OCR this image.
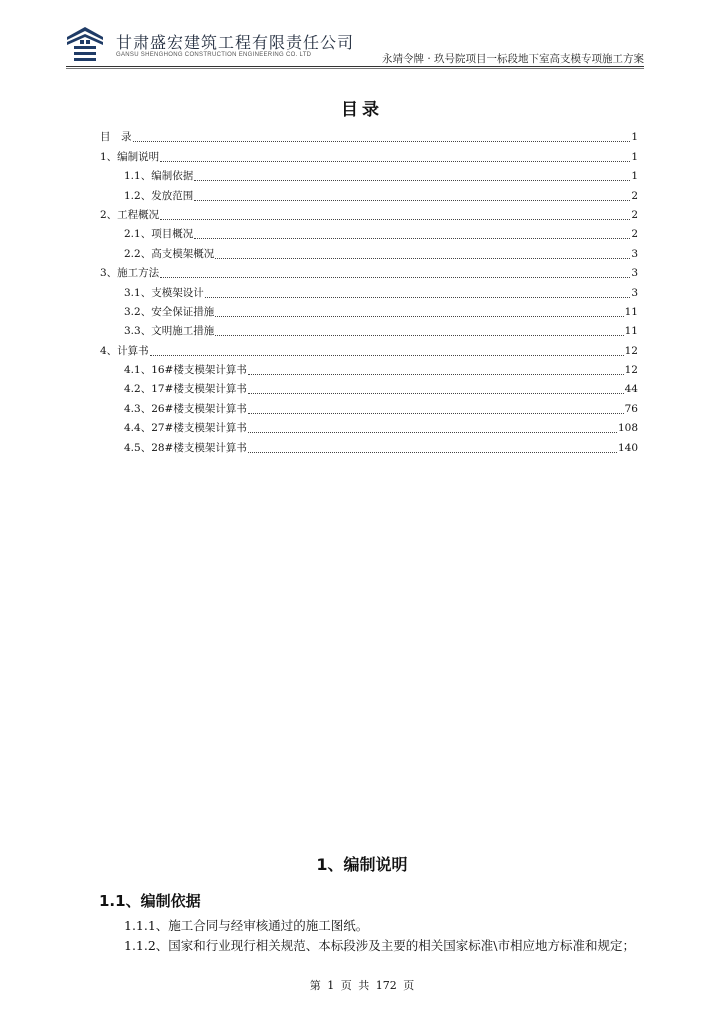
甘肃盛宏建筑工程有限责任公司
GANSU SHENGHONG CONSTRUCTION ENGINEERING CO. LTD	永靖令牌 · 玖号院项目一标段地下室高支模专项施工方案
目录
目　录	1
1、编制说明	1
1.1、编制依据	1
1.2、发放范围	2
2、工程概况	2
2.1、项目概况	2
2.2、高支模架概况	3
3、施工方法	3
3.1、支模架设计	3
3.2、安全保证措施	11
3.3、文明施工措施	11
4、计算书	12
4.1、16#楼支模架计算书	12
4.2、17#楼支模架计算书	44
4.3、26#楼支模架计算书	76
4.4、27#楼支模架计算书	108
4.5、28#楼支模架计算书	140
1、编制说明
1.1、编制依据
1.1.1、施工合同与经审核通过的施工图纸。
1.1.2、国家和行业现行相关规范、本标段涉及主要的相关国家标准\市相应地方标准和规定；
第 1 页 共 172 页
